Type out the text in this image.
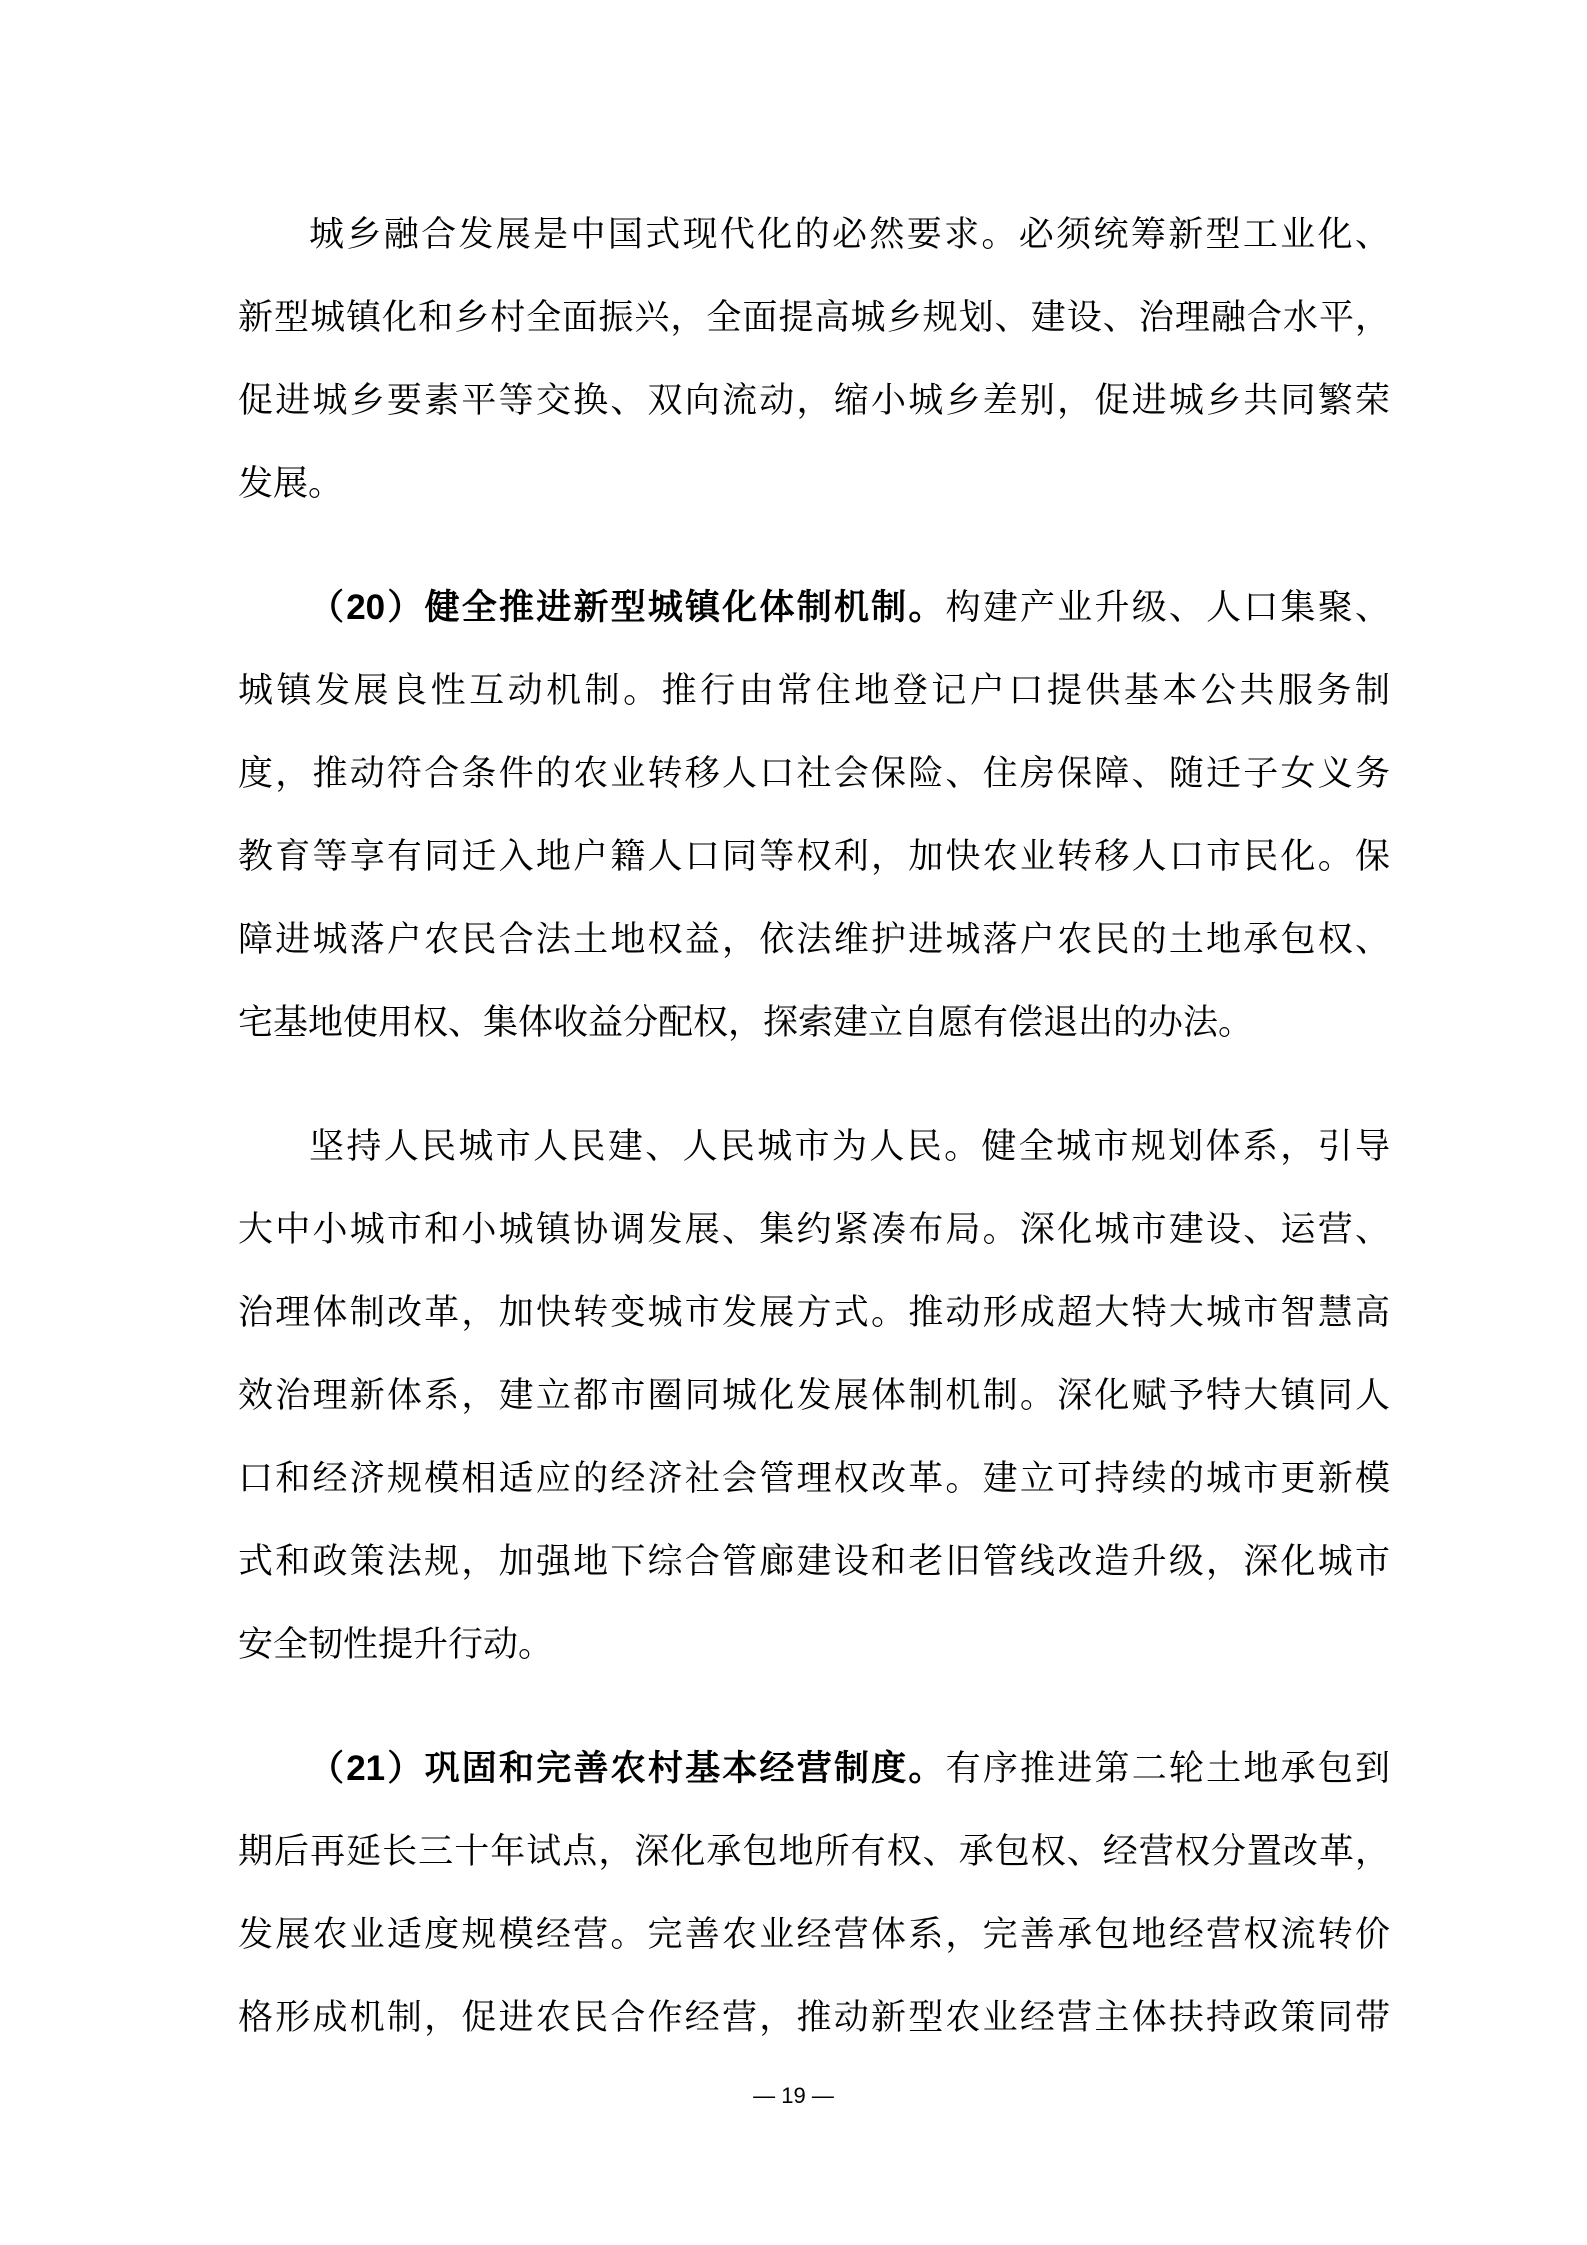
城乡融合发展是中国式现代化的必然要求。必须统筹新型工业化、
新型城镇化和乡村全面振兴，全面提高城乡规划、建设、治理融合水平，
促进城乡要素平等交换、双向流动，缩小城乡差别，促进城乡共同繁荣
发展。
（20）健全推进新型城镇化体制机制。构建产业升级、人口集聚、
城镇发展良性互动机制。推行由常住地登记户口提供基本公共服务制
度，推动符合条件的农业转移人口社会保险、住房保障、随迁子女义务
教育等享有同迁入地户籍人口同等权利，加快农业转移人口市民化。保
障进城落户农民合法土地权益，依法维护进城落户农民的土地承包权、
宅基地使用权、集体收益分配权，探索建立自愿有偿退出的办法。
坚持人民城市人民建、人民城市为人民。健全城市规划体系，引导
大中小城市和小城镇协调发展、集约紧凑布局。深化城市建设、运营、
治理体制改革，加快转变城市发展方式。推动形成超大特大城市智慧高
效治理新体系，建立都市圈同城化发展体制机制。深化赋予特大镇同人
口和经济规模相适应的经济社会管理权改革。建立可持续的城市更新模
式和政策法规，加强地下综合管廊建设和老旧管线改造升级，深化城市
安全韧性提升行动。
（21）巩固和完善农村基本经营制度。有序推进第二轮土地承包到
期后再延长三十年试点，深化承包地所有权、承包权、经营权分置改革，
发展农业适度规模经营。完善农业经营体系，完善承包地经营权流转价
格形成机制，促进农民合作经营，推动新型农业经营主体扶持政策同带
— 19 —
